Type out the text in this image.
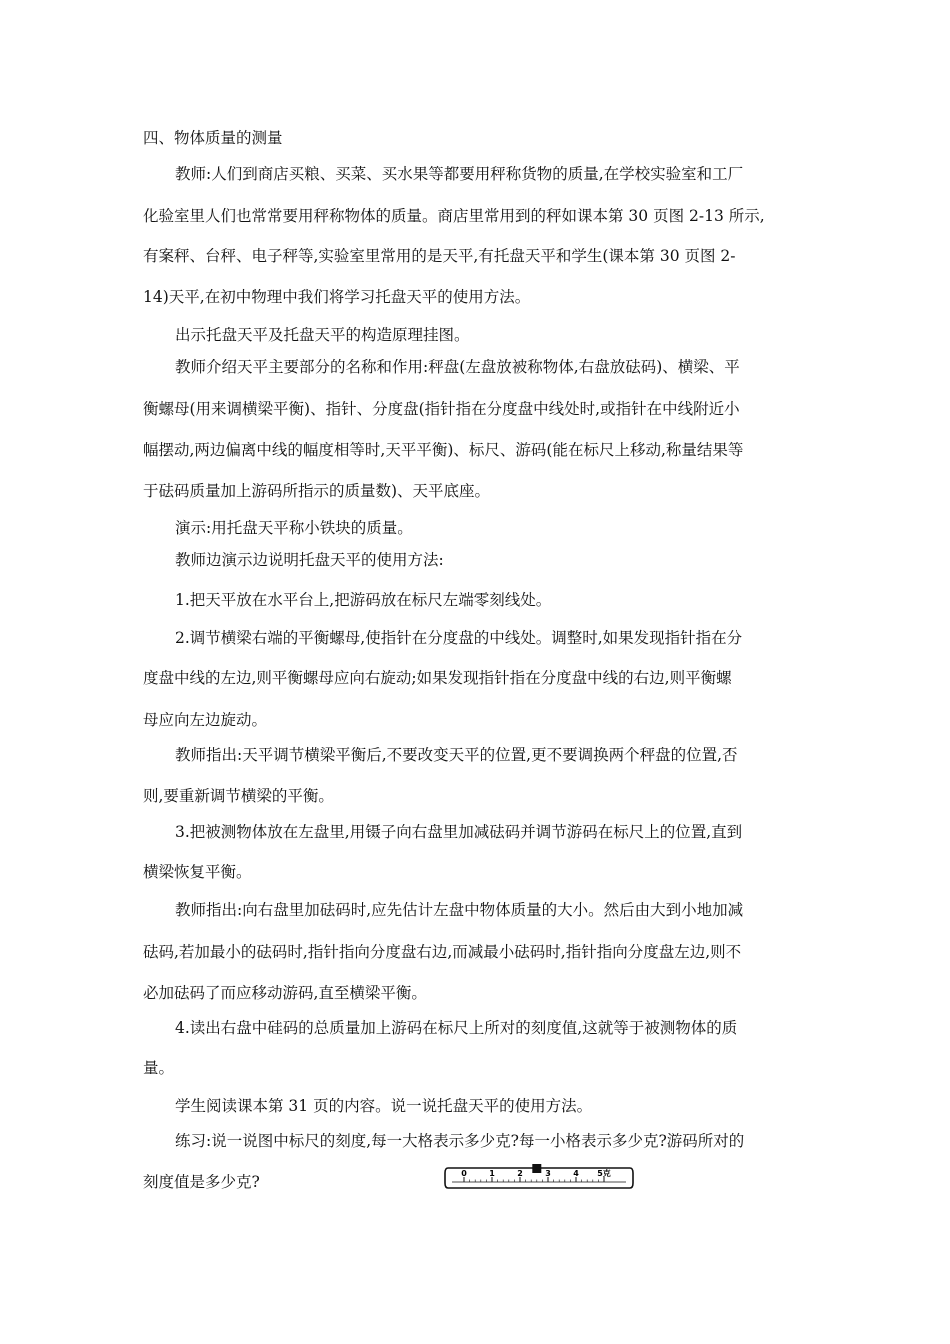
四、物体质量的测量
教师:人们到商店买粮、买菜、买水果等都要用秤称货物的质量,在学校实验室和工厂
化验室里人们也常常要用秤称物体的质量。商店里常用到的秤如课本第 30 页图 2-13 所示,
有案秤、台秤、电子秤等,实验室里常用的是天平,有托盘天平和学生(课本第 30 页图 2-
14)天平,在初中物理中我们将学习托盘天平的使用方法。
出示托盘天平及托盘天平的构造原理挂图。
教师介绍天平主要部分的名称和作用:秤盘(左盘放被称物体,右盘放砝码)、横梁、平
衡螺母(用来调横梁平衡)、指针、分度盘(指针指在分度盘中线处时,或指针在中线附近小
幅摆动,两边偏离中线的幅度相等时,天平平衡)、标尺、游码(能在标尺上移动,称量结果等
于砝码质量加上游码所指示的质量数)、天平底座。
演示:用托盘天平称小铁块的质量。
教师边演示边说明托盘天平的使用方法:
1.把天平放在水平台上,把游码放在标尺左端零刻线处。
2.调节横梁右端的平衡螺母,使指针在分度盘的中线处。调整时,如果发现指针指在分
度盘中线的左边,则平衡螺母应向右旋动;如果发现指针指在分度盘中线的右边,则平衡螺
母应向左边旋动。
教师指出:天平调节横梁平衡后,不要改变天平的位置,更不要调换两个秤盘的位置,否
则,要重新调节横梁的平衡。
3.把被测物体放在左盘里,用镊子向右盘里加减砝码并调节游码在标尺上的位置,直到
横梁恢复平衡。
教师指出:向右盘里加砝码时,应先估计左盘中物体质量的大小。然后由大到小地加减
砝码,若加最小的砝码时,指针指向分度盘右边,而减最小砝码时,指针指向分度盘左边,则不
必加砝码了而应移动游码,直至横梁平衡。
4.读出右盘中硅码的总质量加上游码在标尺上所对的刻度值,这就等于被测物体的质
量。
学生阅读课本第 31 页的内容。说一说托盘天平的使用方法。
练习:说一说图中标尺的刻度,每一大格表示多少克?每一小格表示多少克?游码所对的
刻度值是多少克?	0	1	2	3	4 5克
